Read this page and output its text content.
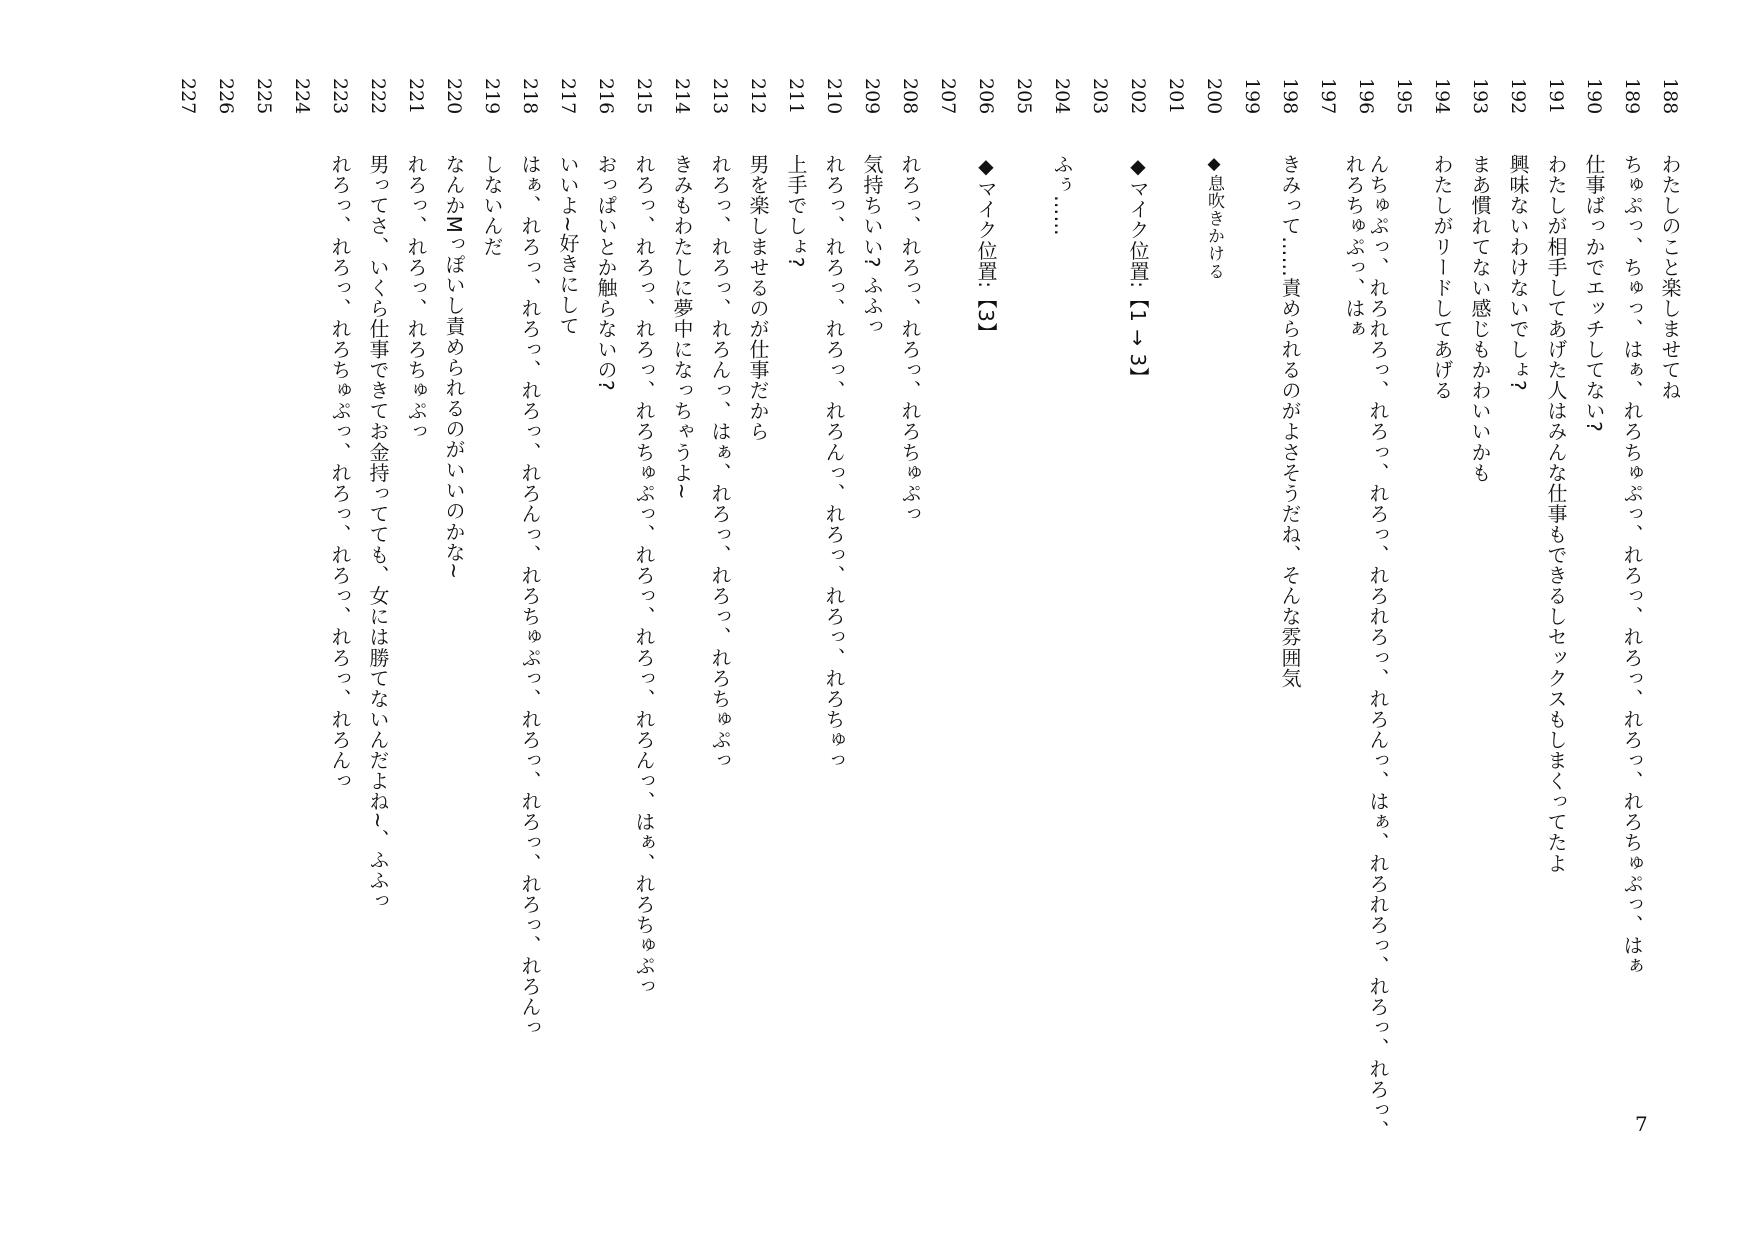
188
わたしのこと楽しませてね
189
ちゅぷっ、ちゅっ、はぁ、れろちゅぷっ、れろっ、れろっ、れろっ、れろちゅぷっ、はぁ
190
仕事ばっかでエッチしてない?
191
わたしが相手してあげた人はみんな仕事もできるしセックスもしまくってたよ
192
興味ないわけないでしょ?
193
まあ慣れてない感じもかわいいかも
194
わたしがリードしてあげる
195
196
んちゅぷっ、れろれろっ、れろっ、れろっ、れろれろっ、れろんっ、はぁ、れろれろっ、れろっ、れろっ、れろちゅぷっ、はぁ
197
198
きみって……責められるのがよさそうだね、そんな雰囲気
199
200
◆息吹きかける
201
202
◆マイク位置:【1 → 3】
203
204
ふぅ……
205
206
◆マイク位置:【3】
207
208
れろっ、れろっ、れろっ、れろちゅぷっ
209
気持ちいい? ふふっ
210
れろっ、れろっ、れろっ、れろんっ、れろっ、れろっ、れろちゅっ
211
上手でしょ?
212
男を楽しませるのが仕事だから
213
れろっ、れろっ、れろんっ、はぁ、れろっ、れろっ、れろちゅぷっ
214
きみもわたしに夢中になっちゃうよ~
215
れろっ、れろっ、れろっ、れろちゅぷっ、れろっ、れろっ、れろんっ、はぁ、れろちゅぷっ
216
おっぱいとか触らないの?
217
いいよ~好きにして
218
はぁ、れろっ、れろっ、れろっ、れろんっ、れろちゅぷっ、れろっ、れろっ、れろっ、れろんっ
219
しないんだ
220
なんかMっぽいし責められるのがいいのかな~
221
れろっ、れろっ、れろちゅぷっ
222
男ってさ、いくら仕事できてお金持ってても、女には勝てないんだよね~、ふふっ
223
れろっ、れろっ、れろちゅぷっ、れろっ、れろっ、れろっ、れろんっ
224
225
226
227
7
